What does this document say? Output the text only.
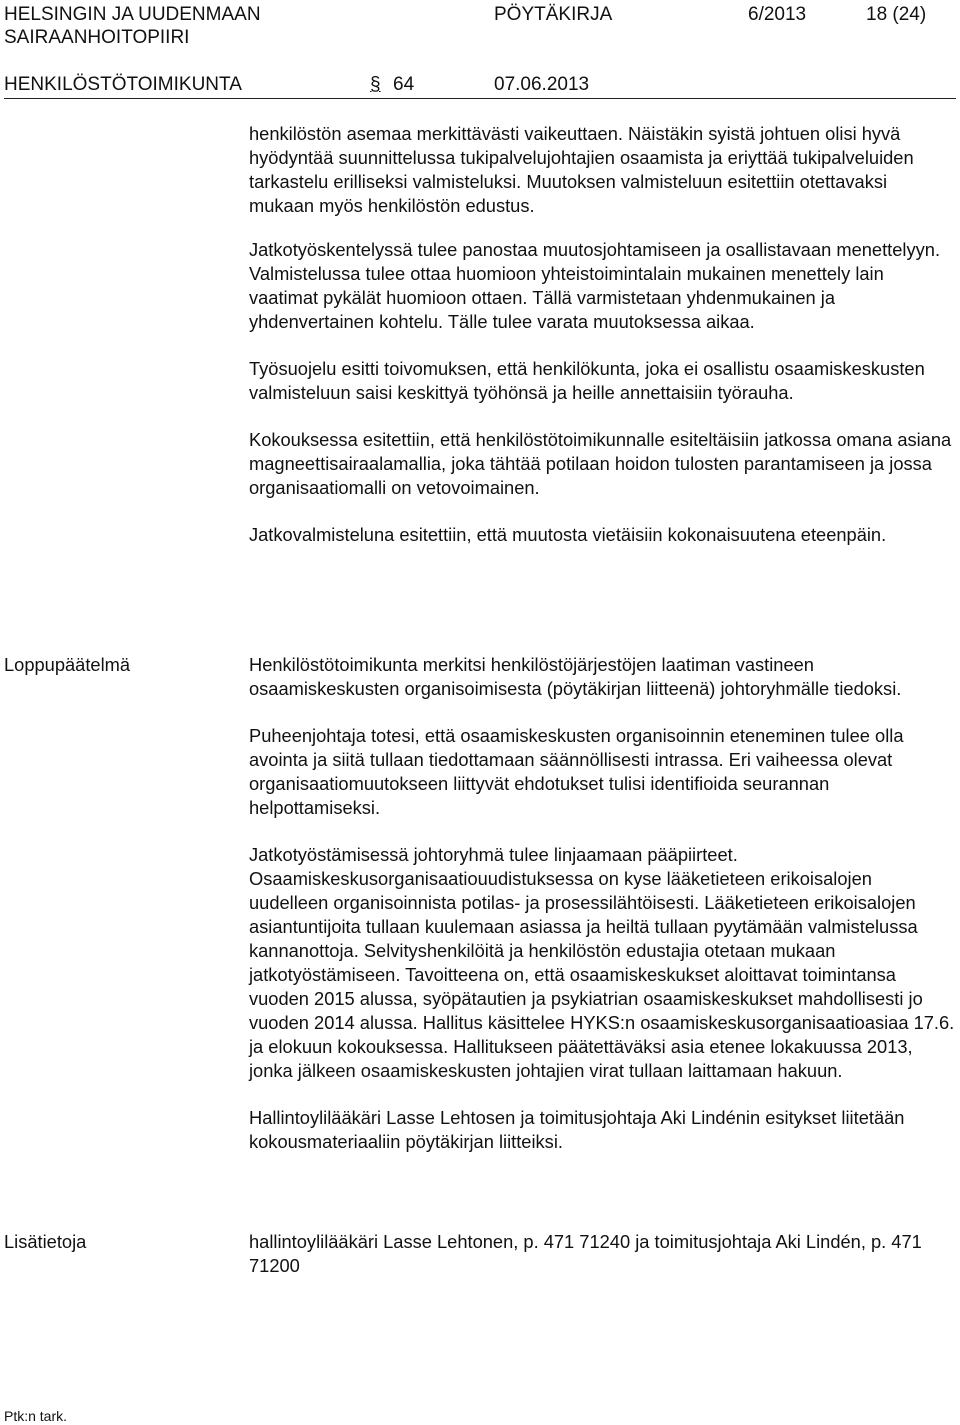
HELSINGIN JA UUDENMAAN
SAIRAANHOITOPIIRI
PÖYTÄKIRJA	6/2013	18 (24)
HENKILÖSTÖTOIMIKUNTA	§ 64	07.06.2013

henkilöstön asemaa merkittävästi vaikeuttaen. Näistäkin syistä johtuen olisi hyvä hyödyntää suunnittelussa tukipalvelujohtajien osaamista ja eriyttää tukipalveluiden tarkastelu erilliseksi valmisteluksi. Muutoksen valmisteluun esitettiin otettavaksi mukaan myös henkilöstön edustus.

Jatkotyöskentelyssä tulee panostaa muutosjohtamiseen ja osallistavaan menettelyyn. Valmistelussa tulee ottaa huomioon yhteistoimintalain mukainen menettely lain vaatimat pykälät huomioon ottaen. Tällä varmistetaan yhdenmukainen ja yhdenvertainen kohtelu. Tälle tulee varata muutoksessa aikaa.

Työsuojelu esitti toivomuksen, että henkilökunta, joka ei osallistu osaamiskeskusten valmisteluun saisi keskittyä työhönsä ja heille annettaisiin työrauha.

Kokouksessa esitettiin, että henkilöstötoimikunnalle esiteltäisiin jatkossa omana asiana magneettisairaalamallia, joka tähtää potilaan hoidon tulosten parantamiseen ja jossa organisaatiomalli on vetovoimainen.

Jatkovalmisteluna esitettiin, että muutosta vietäisiin kokonaisuutena eteenpäin.

Loppupäätelmä	Henkilöstötoimikunta merkitsi henkilöstöjärjestöjen laatiman vastineen osaamiskeskusten organisoimisesta (pöytäkirjan liitteenä) johtoryhmälle tiedoksi.

Puheenjohtaja totesi, että osaamiskeskusten organisoinnin eteneminen tulee olla avointa ja siitä tullaan tiedottamaan säännöllisesti intrassa. Eri vaiheessa olevat organisaatiomuutokseen liittyvät ehdotukset tulisi identifioida seurannan helpottamiseksi.

Jatkotyöstämisessä johtoryhmä tulee linjaamaan pääpiirteet. Osaamiskeskusorganisaatiouudistuksessa on kyse lääketieteen erikoisalojen uudelleen organisoinnista potilas- ja prosessilähtöisesti. Lääketieteen erikoisalojen asiantuntijoita tullaan kuulemaan asiassa ja heiltä tullaan pyytämään valmistelussa kannanottoja. Selvityshenkilöitä ja henkilöstön edustajia otetaan mukaan jatkotyöstämiseen. Tavoitteena on, että osaamiskeskukset aloittavat toimintansa vuoden 2015 alussa, syöpätautien ja psykiatrian osaamiskeskukset mahdollisesti jo vuoden 2014 alussa. Hallitus käsittelee HYKS:n osaamiskeskusorganisaatioasiaa 17.6. ja elokuun kokouksessa. Hallitukseen päätettäväksi asia etenee lokakuussa 2013, jonka jälkeen osaamiskeskusten johtajien virat tullaan laittamaan hakuun.

Hallintoylilääkäri Lasse Lehtosen ja toimitusjohtaja Aki Lindénin esitykset liitetään kokousmateriaaliin pöytäkirjan liitteiksi.

Lisätietoja	hallintoylilääkäri Lasse Lehtonen, p. 471 71240 ja toimitusjohtaja Aki Lindén, p. 471 71200

Ptk:n tark.
